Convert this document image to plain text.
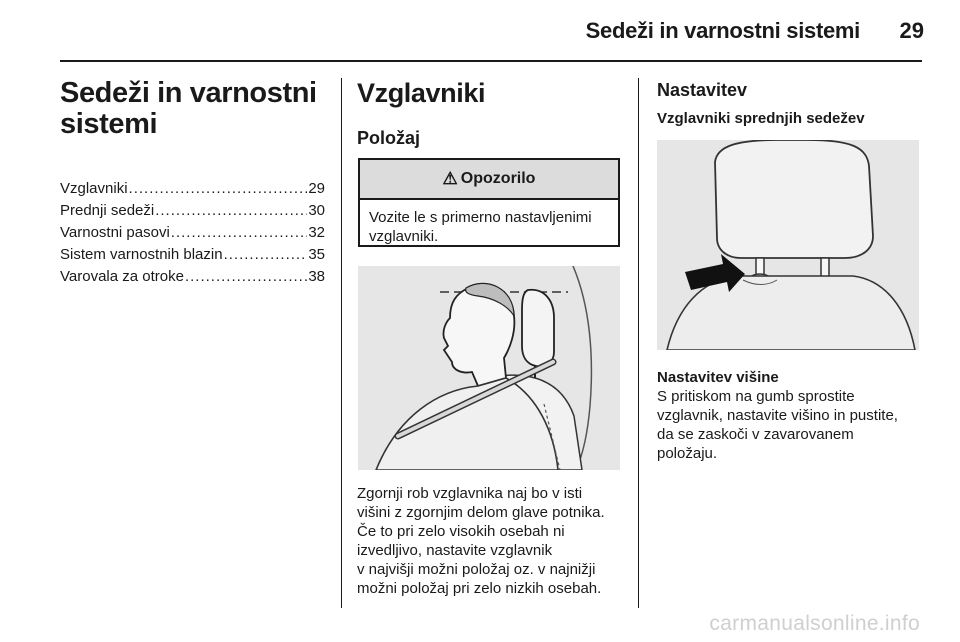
Sedeži in varnostni sistemi	29
Sedeži in varnostni
sistemi
Vzglavniki .....	29
Prednji sedeži .....	30
Varnostni pasovi .....	32
Sistem varnostnih blazin .....	35
Varovala za otroke .....	38
Vzglavniki
Položaj
⚠ Opozorilo
Vozite le s primerno nastavljenimi
vzglavniki.
Zgornji rob vzglavnika naj bo v isti
višini z zgornjim delom glave potnika.
Če to pri zelo visokih osebah ni
izvedljivo, nastavite vzglavnik
v najvišji možni položaj oz. v najnižji
možni položaj pri zelo nizkih osebah.
Nastavitev
Vzglavniki sprednjih sedežev
Nastavitev višine
S pritiskom na gumb sprostite
vzglavnik, nastavite višino in pustite,
da se zaskoči v zavarovanem
položaju.
carmanualsonline.info
